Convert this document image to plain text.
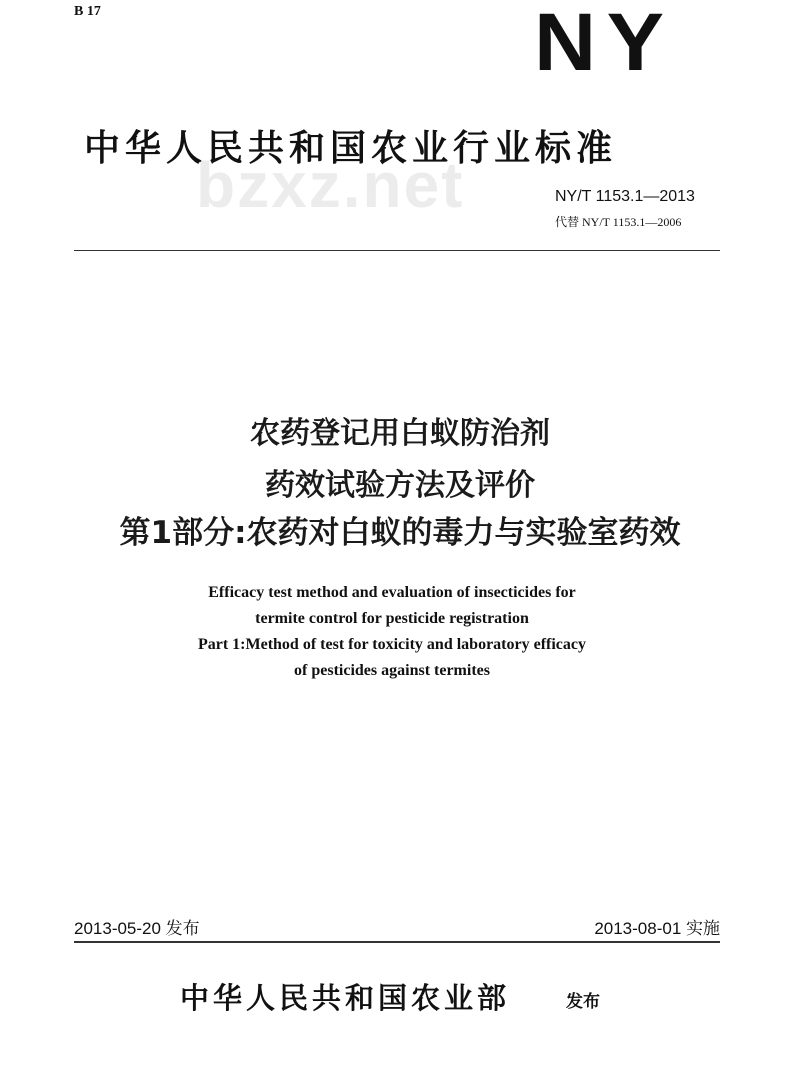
B 17	NY
bzxz.net
中华人民共和国农业行业标准
NY/T 1153.1—2013
代替 NY/T 1153.1—2006
农药登记用白蚁防治剂
药效试验方法及评价
第1部分:农药对白蚁的毒力与实验室药效
Efficacy test method and evaluation of insecticides for
termite control for pesticide registration
Part 1:Method of test for toxicity and laboratory efficacy
of pesticides against termites
2013-05-20 发布	2013-08-01 实施
中华人民共和国农业部	发布
